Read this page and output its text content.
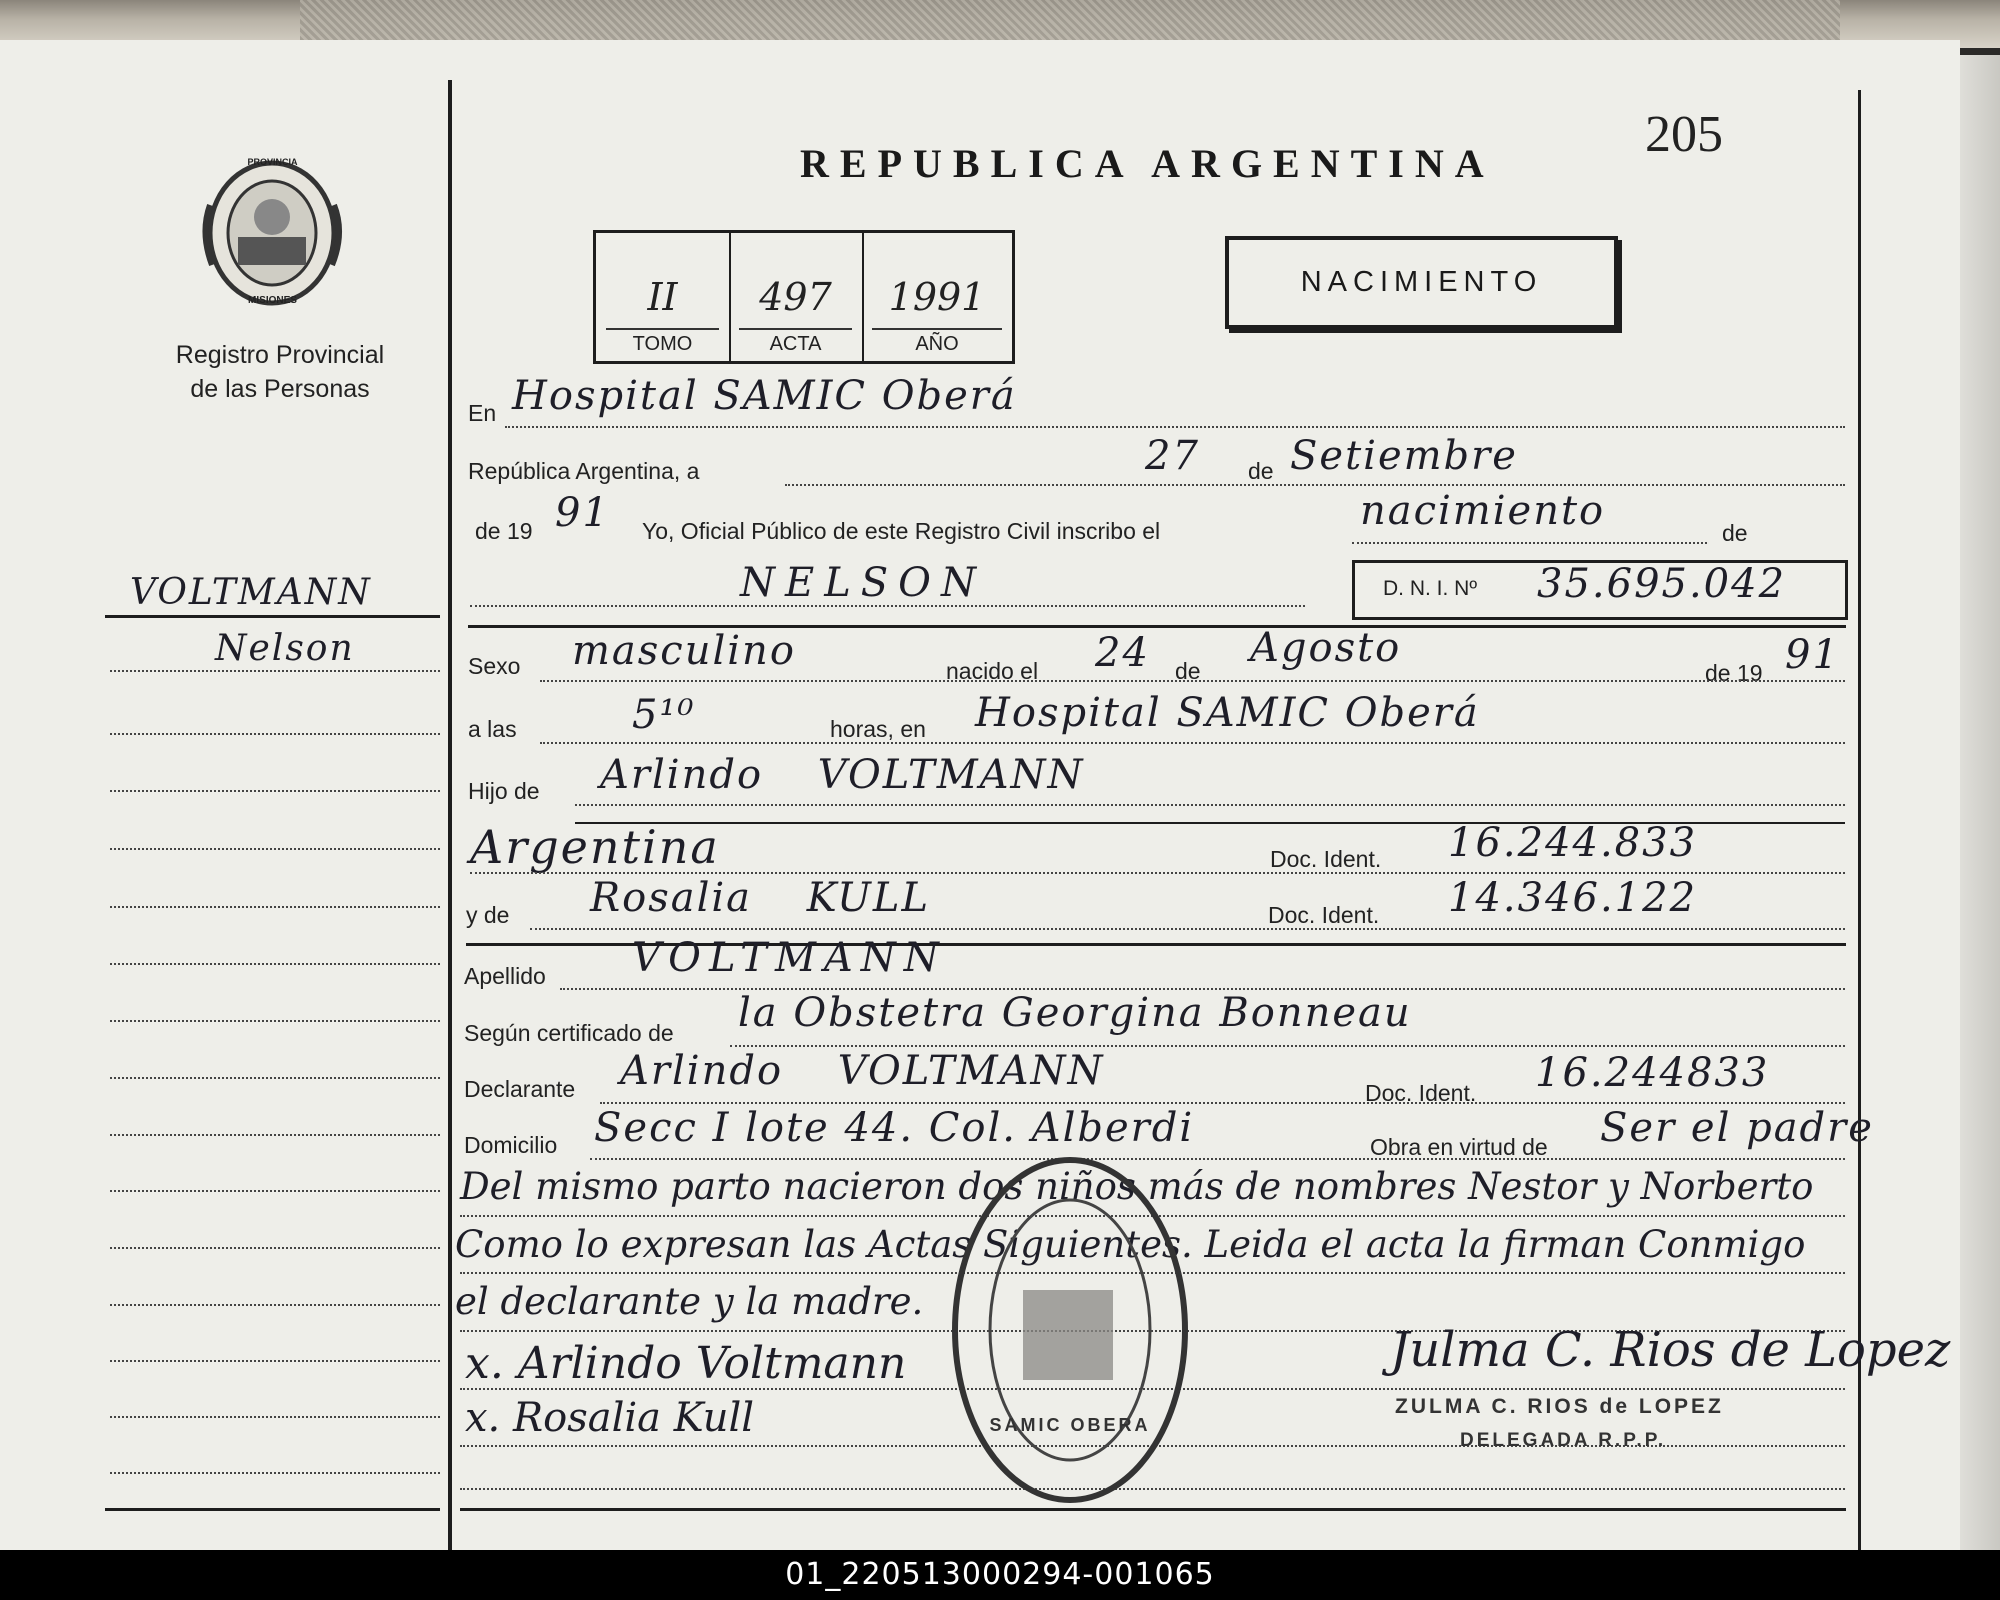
PROVINCIA
MISIONES
Registro Provincial
de las Personas
VOLTMANN
Nelson
REPUBLICA ARGENTINA
205
II
TOMO
497
ACTA
1991
AÑO
NACIMIENTO
En Hospital SAMIC Oberá
República Argentina, a	27 de Setiembre
de 19 91 Yo, Oficial Público de este Registro Civil inscribo el	nacimiento	de
NELSON	D. N. I. Nº 35.695.042
Sexo masculino	nacido el 24 de Agosto
de 19 91
a las	5¹⁰	horas, en Hospital SAMIC Oberá
Hijo de Arlindo VOLTMANN
Argentina	Doc. Ident. 16.244.833
y de Rosalia KULL	Doc. Ident. 14.346.122
Apellido VOLTMANN
Según certificado de la Obstetra Georgina Bonneau
Declarante Arlindo VOLTMANN	Doc. Ident. 16.244833
Domicilio Secc I lote 44. Col. Alberdi	Obra en virtud de Ser el padre
Del mismo parto nacieron dos niños más de nombres Nestor y Norberto
Como lo expresan las Actas Siguientes. Leida el acta la firman Conmigo
el declarante y la madre.
x. Arlindo Voltmann
x. Rosalia Kull	SAMIC OBERA
Julma C. Rios de Lopez
ZULMA C. RIOS de LOPEZ
DELEGADA R.P.P.
01_220513000294-001065
